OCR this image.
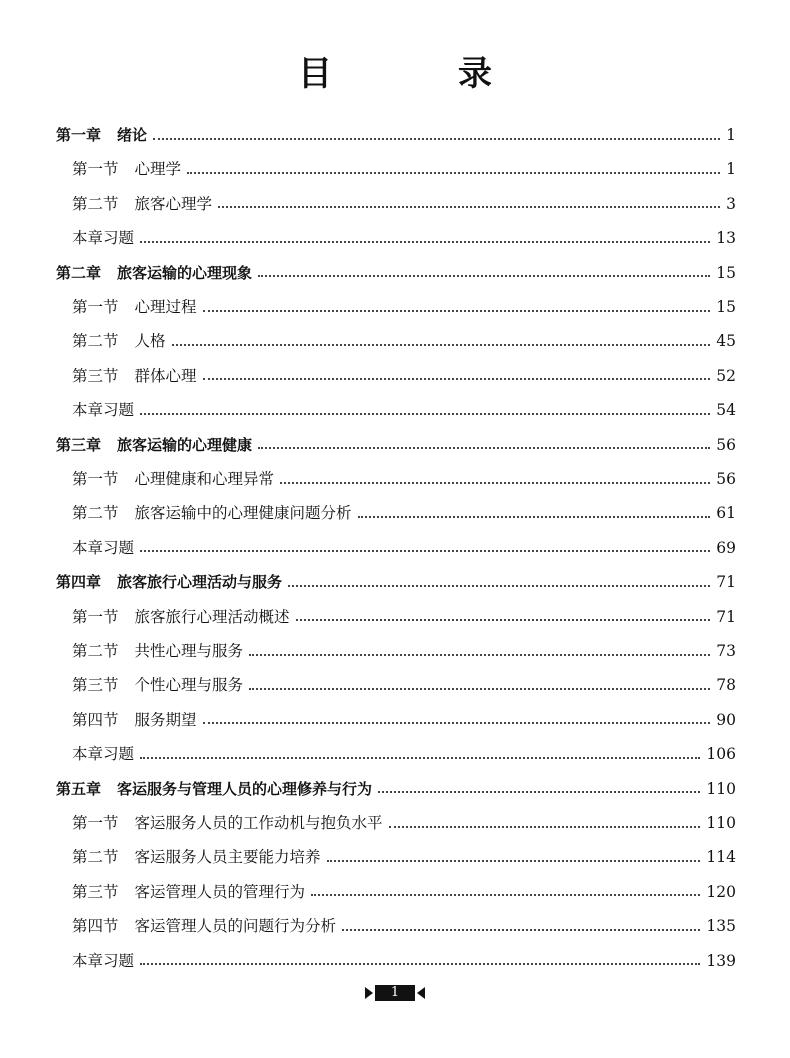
目　录
第一章 绪论	1
第一节 心理学	1
第二节 旅客心理学	3
本章习题	13
第二章 旅客运输的心理现象	15
第一节 心理过程	15
第二节 人格	45
第三节 群体心理	52
本章习题	54
第三章 旅客运输的心理健康	56
第一节 心理健康和心理异常	56
第二节 旅客运输中的心理健康问题分析	61
本章习题	69
第四章 旅客旅行心理活动与服务	71
第一节 旅客旅行心理活动概述	71
第二节 共性心理与服务	73
第三节 个性心理与服务	78
第四节 服务期望	90
本章习题	106
第五章 客运服务与管理人员的心理修养与行为	110
第一节 客运服务人员的工作动机与抱负水平	110
第二节 客运服务人员主要能力培养	114
第三节 客运管理人员的管理行为	120
第四节 客运管理人员的问题行为分析	135
本章习题	139
1
